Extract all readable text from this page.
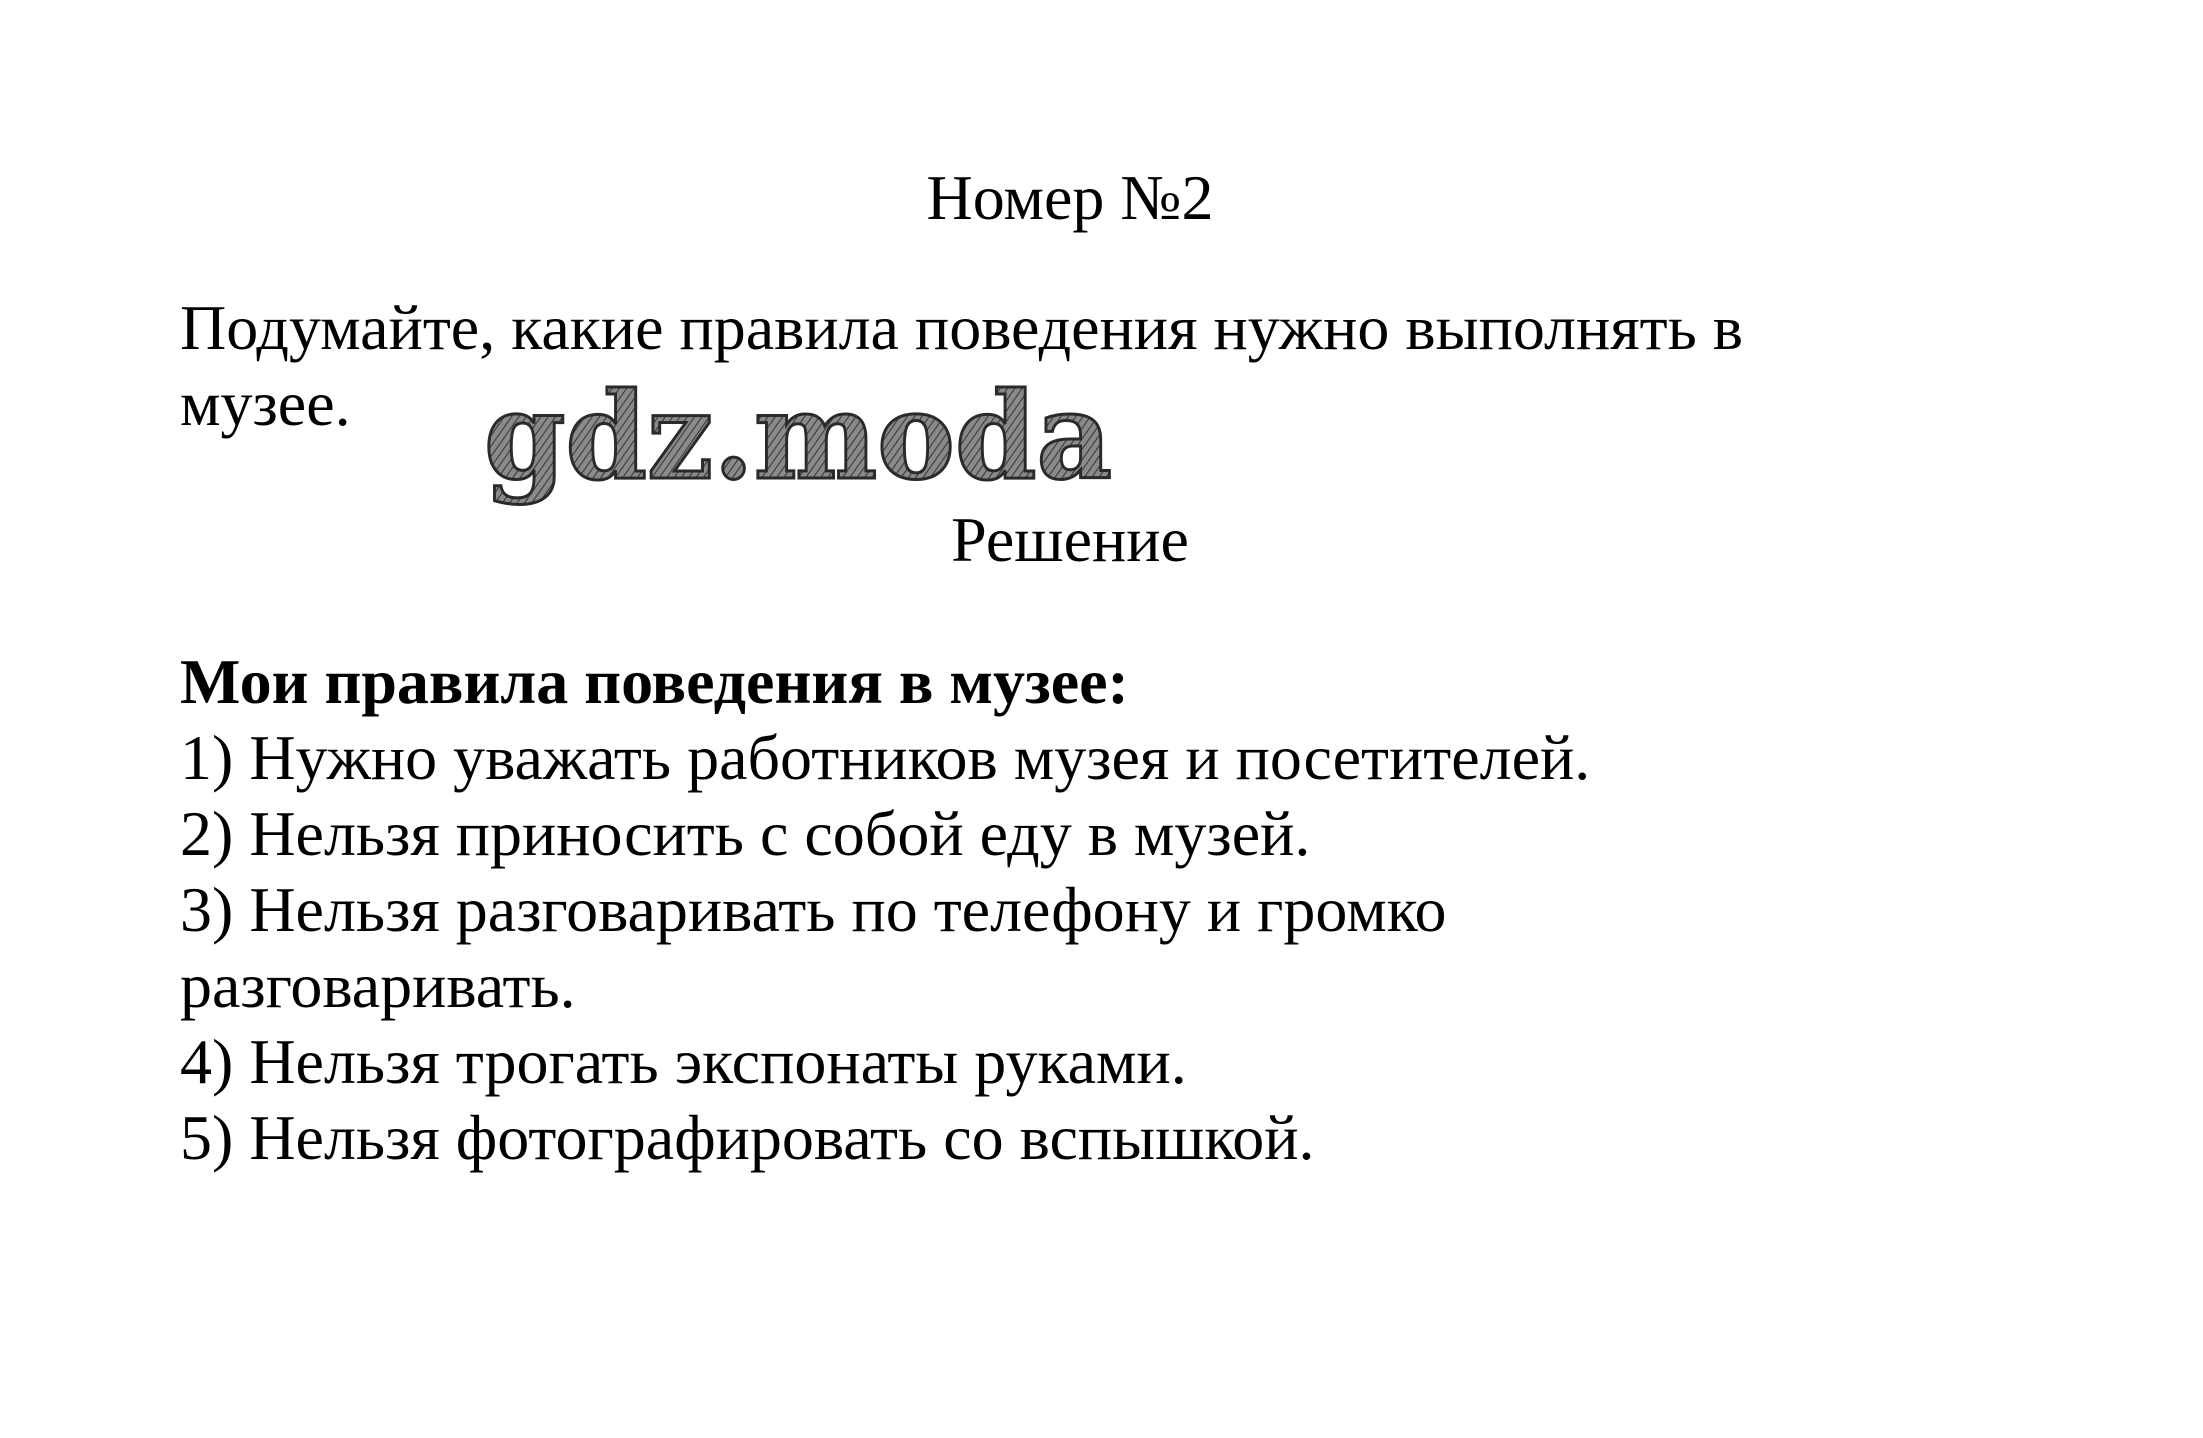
Номер №2
Подумайте, какие правила поведения нужно выполнять в
музее.	gdz.moda
Решение
Мои правила поведения в музее:
1) Нужно уважать работников музея и посетителей.
2) Нельзя приносить с собой еду в музей.
3) Нельзя разговаривать по телефону и громко
разговаривать.
4) Нельзя трогать экспонаты руками.
5) Нельзя фотографировать со вспышкой.
